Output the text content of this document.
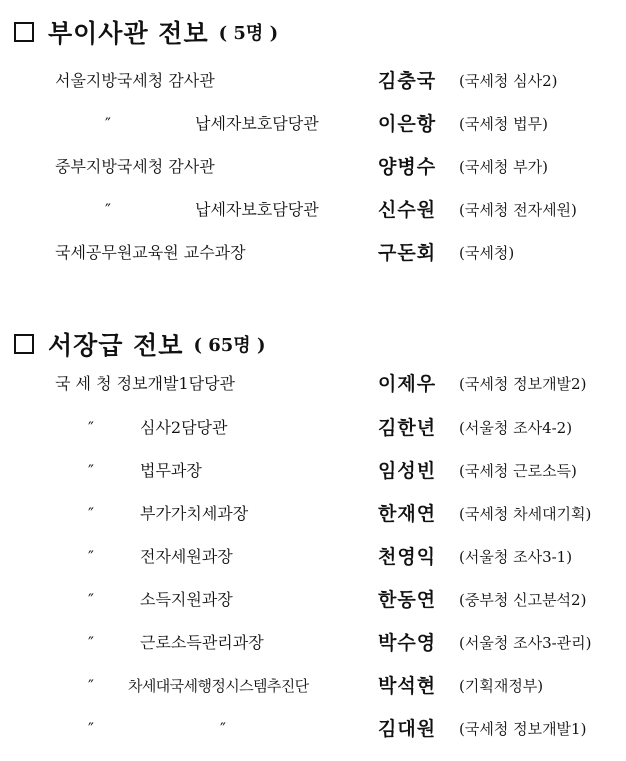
부이사관 전보 ( 5명 )
서울지방국세청 감사관	김충국 (국세청 심사2)
″	납세자보호담당관	이은항 (국세청 법무)
중부지방국세청 감사관	양병수 (국세청 부가)
″	납세자보호담당관	신수원 (국세청 전자세원)
국세공무원교육원 교수과장	구돈회 (국세청)
서장급 전보 ( 65명 )
국 세 청 정보개발1담당관	이제우 (국세청 정보개발2)
″	심사2담당관	김한년 (서울청 조사4-2)
″	법무과장	임성빈 (국세청 근로소득)
″	부가가치세과장	한재연 (국세청 차세대기획)
″	전자세원과장	천영익 (서울청 조사3-1)
″	소득지원과장	한동연 (중부청 신고분석2)
″	근로소득관리과장	박수영 (서울청 조사3-관리)
″ 차세대국세행정시스템추진단	박석현 (기획재정부)
″	″	김대원 (국세청 정보개발1)
